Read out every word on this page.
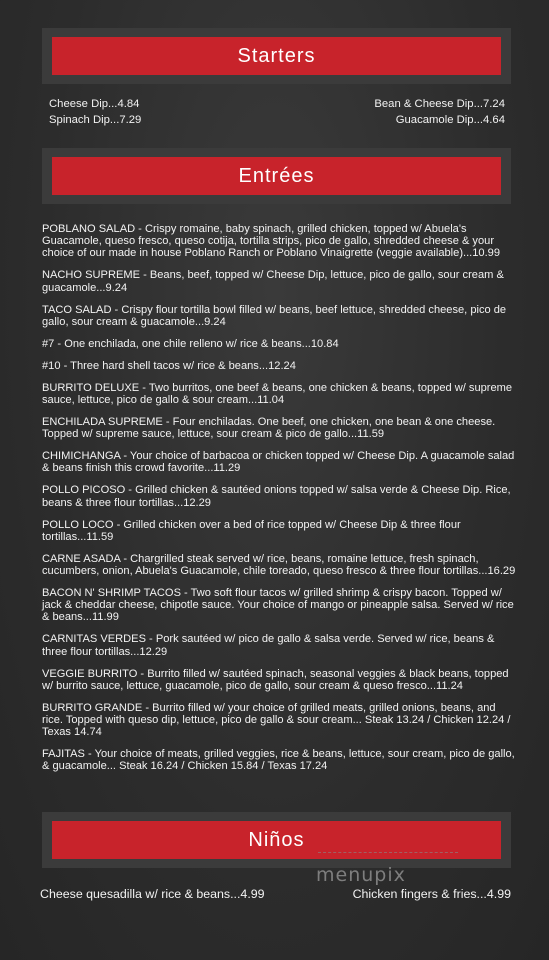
Starters
Cheese Dip...4.84	Bean & Cheese Dip...7.24
Spinach Dip...7.29	Guacamole Dip...4.64
Entrées

POBLANO SALAD - Crispy romaine, baby spinach, grilled chicken, topped w/ Abuela's Guacamole, queso fresco, queso cotija, tortilla strips, pico de gallo, shredded cheese & your choice of our made in house Poblano Ranch or Poblano Vinaigrette (veggie available)...10.99

NACHO SUPREME - Beans, beef, topped w/ Cheese Dip, lettuce, pico de gallo, sour cream & guacamole...9.24

TACO SALAD - Crispy flour tortilla bowl filled w/ beans, beef lettuce, shredded cheese, pico de gallo, sour cream & guacamole...9.24

#7 - One enchilada, one chile relleno w/ rice & beans...10.84

#10 - Three hard shell tacos w/ rice & beans...12.24

BURRITO DELUXE - Two burritos, one beef & beans, one chicken & beans, topped w/ supreme sauce, lettuce, pico de gallo & sour cream...11.04

ENCHILADA SUPREME - Four enchiladas. One beef, one chicken, one bean & one cheese. Topped w/ supreme sauce, lettuce, sour cream & pico de gallo...11.59

CHIMICHANGA - Your choice of barbacoa or chicken topped w/ Cheese Dip. A guacamole salad & beans finish this crowd favorite...11.29

POLLO PICOSO - Grilled chicken & sautéed onions topped w/ salsa verde & Cheese Dip. Rice, beans & three flour tortillas...12.29

POLLO LOCO - Grilled chicken over a bed of rice topped w/ Cheese Dip & three flour tortillas...11.59

CARNE ASADA - Chargrilled steak served w/ rice, beans, romaine lettuce, fresh spinach, cucumbers, onion, Abuela's Guacamole, chile toreado, queso fresco & three flour tortillas...16.29

BACON N' SHRIMP TACOS - Two soft flour tacos w/ grilled shrimp & crispy bacon. Topped w/ jack & cheddar cheese, chipotle sauce. Your choice of mango or pineapple salsa. Served w/ rice & beans...11.99

CARNITAS VERDES - Pork sautéed w/ pico de gallo & salsa verde. Served w/ rice, beans & three flour tortillas...12.29

VEGGIE BURRITO - Burrito filled w/ sautéed spinach, seasonal veggies & black beans, topped w/ burrito sauce, lettuce, guacamole, pico de gallo, sour cream & queso fresco...11.24

BURRITO GRANDE - Burrito filled w/ your choice of grilled meats, grilled onions, beans, and rice. Topped with queso dip, lettuce, pico de gallo & sour cream... Steak 13.24 / Chicken 12.24 / Texas 14.74

FAJITAS - Your choice of meats, grilled veggies, rice & beans, lettuce, sour cream, pico de gallo, & guacamole... Steak 16.24 / Chicken 15.84 / Texas 17.24

Niños
menupix
Cheese quesadilla w/ rice & beans...4.99	Chicken fingers & fries...4.99
